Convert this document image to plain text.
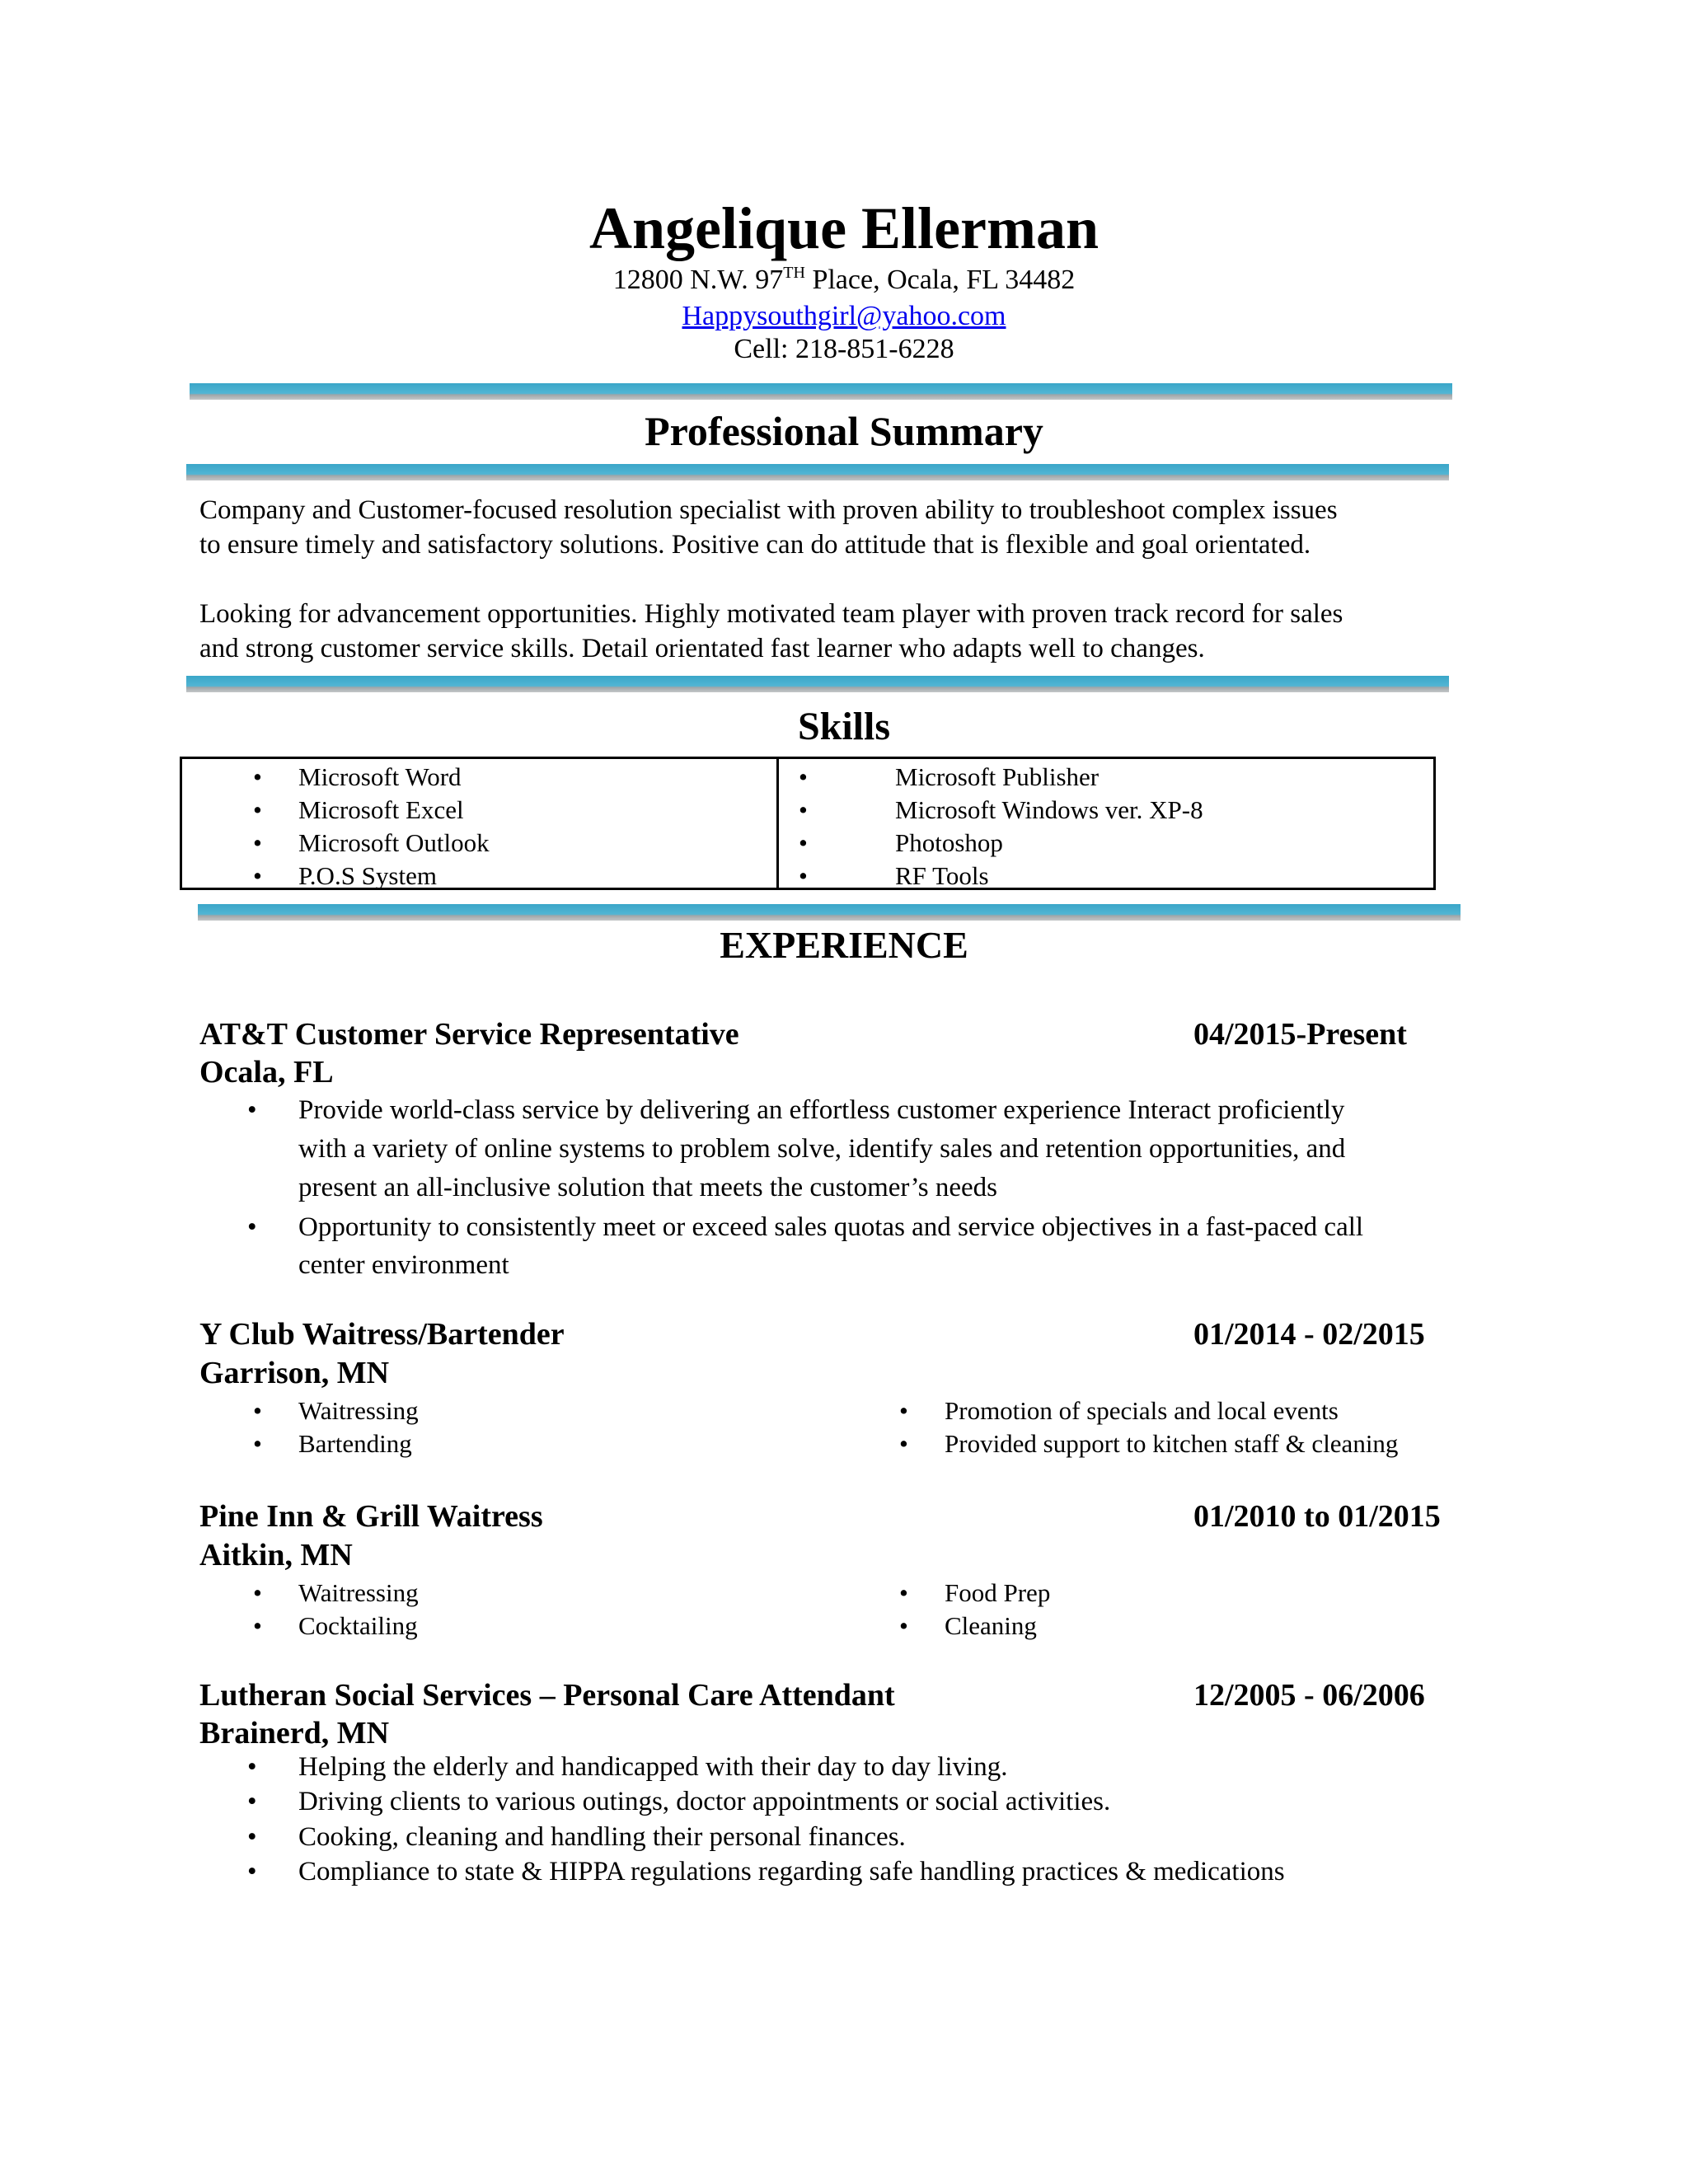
Angelique Ellerman
12800 N.W. 97TH Place, Ocala, FL 34482
Happysouthgirl@yahoo.com
Cell: 218-851-6228
Professional Summary
Company and Customer-focused resolution specialist with proven ability to troubleshoot complex issues
to ensure timely and satisfactory solutions. Positive can do attitude that is flexible and goal orientated.
Looking for advancement opportunities. Highly motivated team player with proven track record for sales
and strong customer service skills. Detail orientated fast learner who adapts well to changes.
Skills
• Microsoft Word
• Microsoft Excel
• Microsoft Outlook
• P.O.S System
•	Microsoft Publisher
•	Microsoft Windows ver. XP-8
•	Photoshop
•	RF Tools
EXPERIENCE
AT&T Customer Service Representative	04/2015-Present
Ocala, FL
• Provide world-class service by delivering an effortless customer experience Interact proficiently
with a variety of online systems to problem solve, identify sales and retention opportunities, and
present an all-inclusive solution that meets the customer’s needs
• Opportunity to consistently meet or exceed sales quotas and service objectives in a fast-paced call
center environment
Y Club Waitress/Bartender	01/2014 - 02/2015
Garrison, MN
• Waitressing
• Bartending
• Promotion of specials and local events
• Provided support to kitchen staff & cleaning
Pine Inn & Grill Waitress	01/2010 to 01/2015
Aitkin, MN
• Waitressing
• Cocktailing
• Food Prep
• Cleaning
Lutheran Social Services – Personal Care Attendant	12/2005 - 06/2006
Brainerd, MN
• Helping the elderly and handicapped with their day to day living.
• Driving clients to various outings, doctor appointments or social activities.
• Cooking, cleaning and handling their personal finances.
• Compliance to state & HIPPA regulations regarding safe handling practices & medications
